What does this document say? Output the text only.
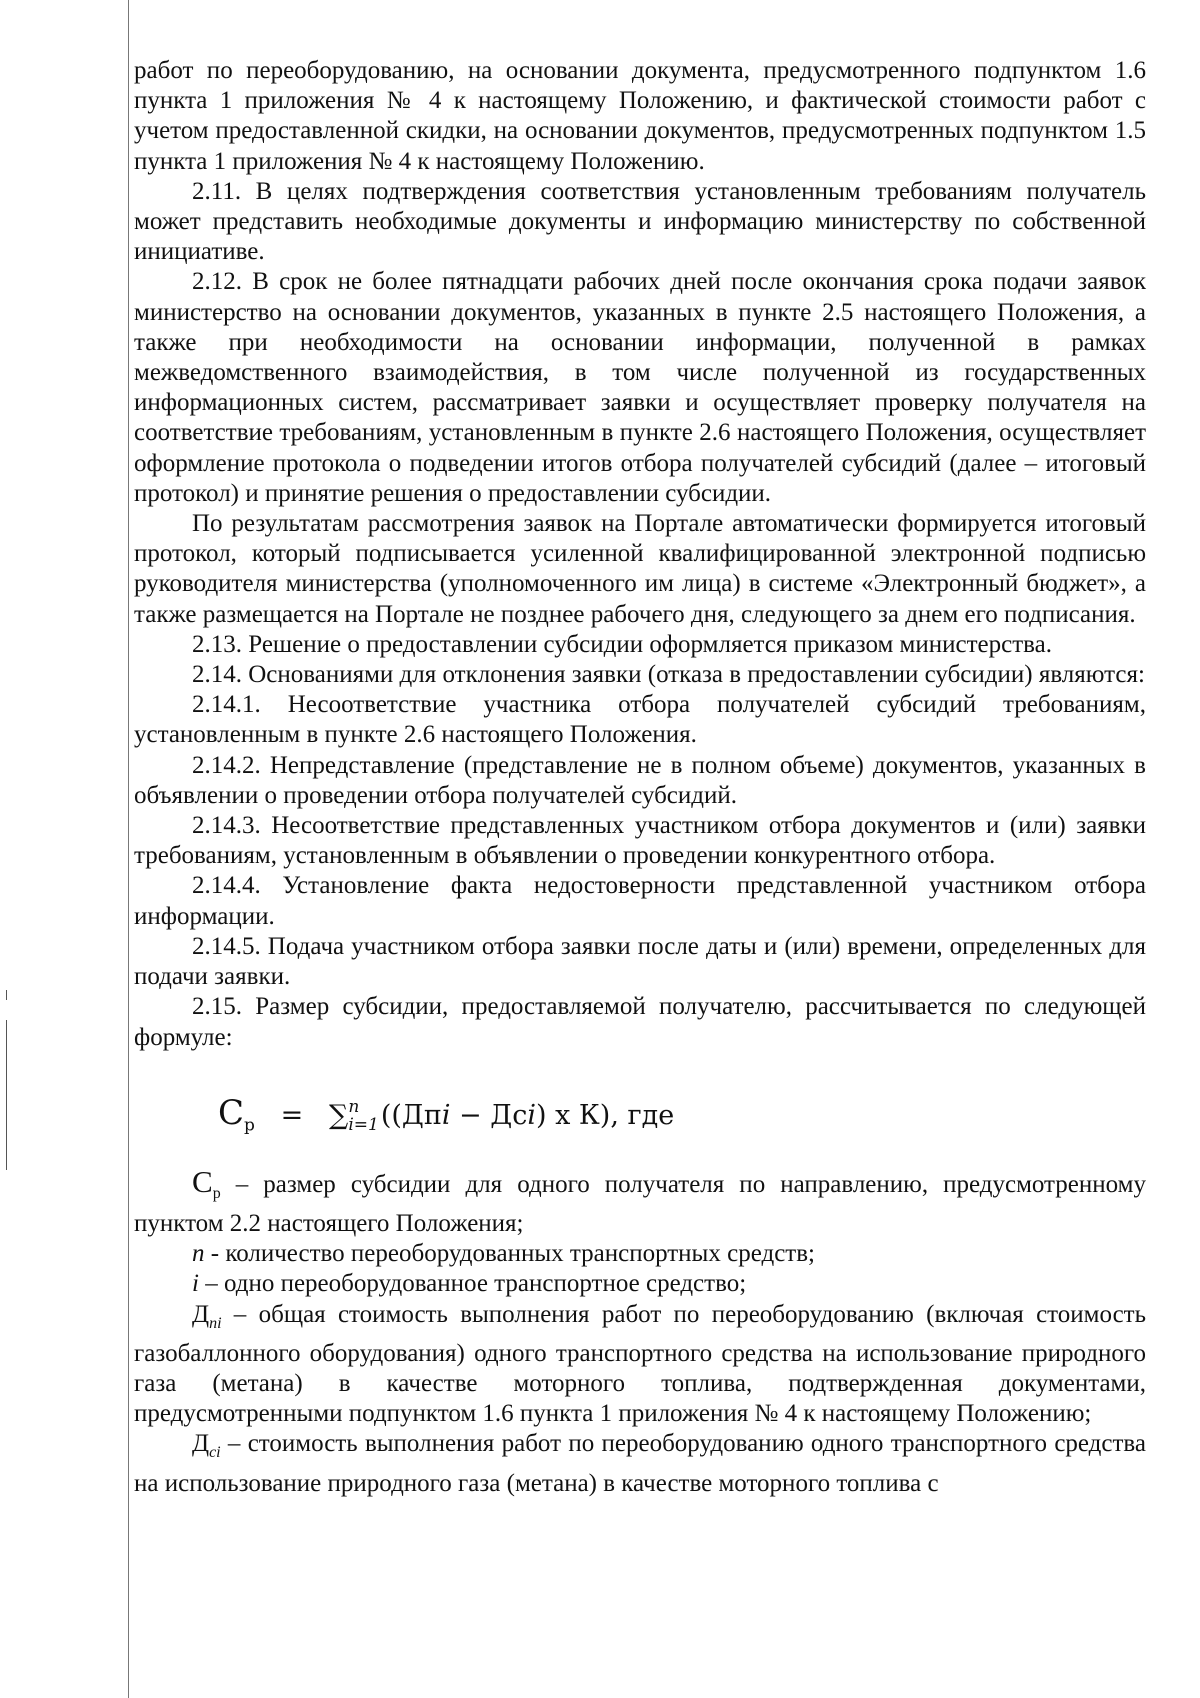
работ по переоборудованию, на основании документа, предусмотренного подпунктом 1.6 пункта 1 приложения № 4 к настоящему Положению, и фактической стоимости работ с учетом предоставленной скидки, на основании документов, предусмотренных подпунктом 1.5 пункта 1 приложения № 4 к настоящему Положению.

2.11. В целях подтверждения соответствия установленным требованиям получатель может представить необходимые документы и информацию министерству по собственной инициативе.

2.12. В срок не более пятнадцати рабочих дней после окончания срока подачи заявок министерство на основании документов, указанных в пункте 2.5 настоящего Положения, а также при необходимости на основании информации, полученной в рамках межведомственного взаимодействия, в том числе полученной из государственных информационных систем, рассматривает заявки и осуществляет проверку получателя на соответствие требованиям, установленным в пункте 2.6 настоящего Положения, осуществляет оформление протокола о подведении итогов отбора получателей субсидий (далее – итоговый протокол) и принятие решения о предоставлении субсидии.

По результатам рассмотрения заявок на Портале автоматически формируется итоговый протокол, который подписывается усиленной квалифицированной электронной подписью руководителя министерства (уполномоченного им лица) в системе «Электронный бюджет», а также размещается на Портале не позднее рабочего дня, следующего за днем его подписания.

2.13. Решение о предоставлении субсидии оформляется приказом министерства.

2.14. Основаниями для отклонения заявки (отказа в предоставлении субсидии) являются:

2.14.1. Несоответствие участника отбора получателей субсидий требованиям, установленным в пункте 2.6 настоящего Положения.

2.14.2. Непредставление (представление не в полном объеме) документов, указанных в объявлении о проведении отбора получателей субсидий.

2.14.3. Несоответствие представленных участником отбора документов и (или) заявки требованиям, установленным в объявлении о проведении конкурентного отбора.

2.14.4. Установление факта недостоверности представленной участником отбора информации.

2.14.5. Подача участником отбора заявки после даты и (или) времени, определенных для подачи заявки.

2.15. Размер субсидии, предоставляемой получателю, рассчитывается по следующей формуле:

$С_р$ = ∑ n
i=1 ((Дпi − Дсi) х К), где

$С_р$ – размер субсидии для одного получателя по направлению, предусмотренному пунктом 2.2 настоящего Положения;

n - количество переоборудованных транспортных средств;

i – одно переоборудованное транспортное средство;

$Д_{пi}$ – общая стоимость выполнения работ по переоборудованию (включая стоимость газобаллонного оборудования) одного транспортного средства на использование природного газа (метана) в качестве моторного топлива, подтвержденная документами, предусмотренными подпунктом 1.6 пункта 1 приложения № 4 к настоящему Положению;

$Д_{ci}$ – стоимость выполнения работ по переоборудованию одного транспортного средства на использование природного газа (метана) в качестве моторного топлива с
